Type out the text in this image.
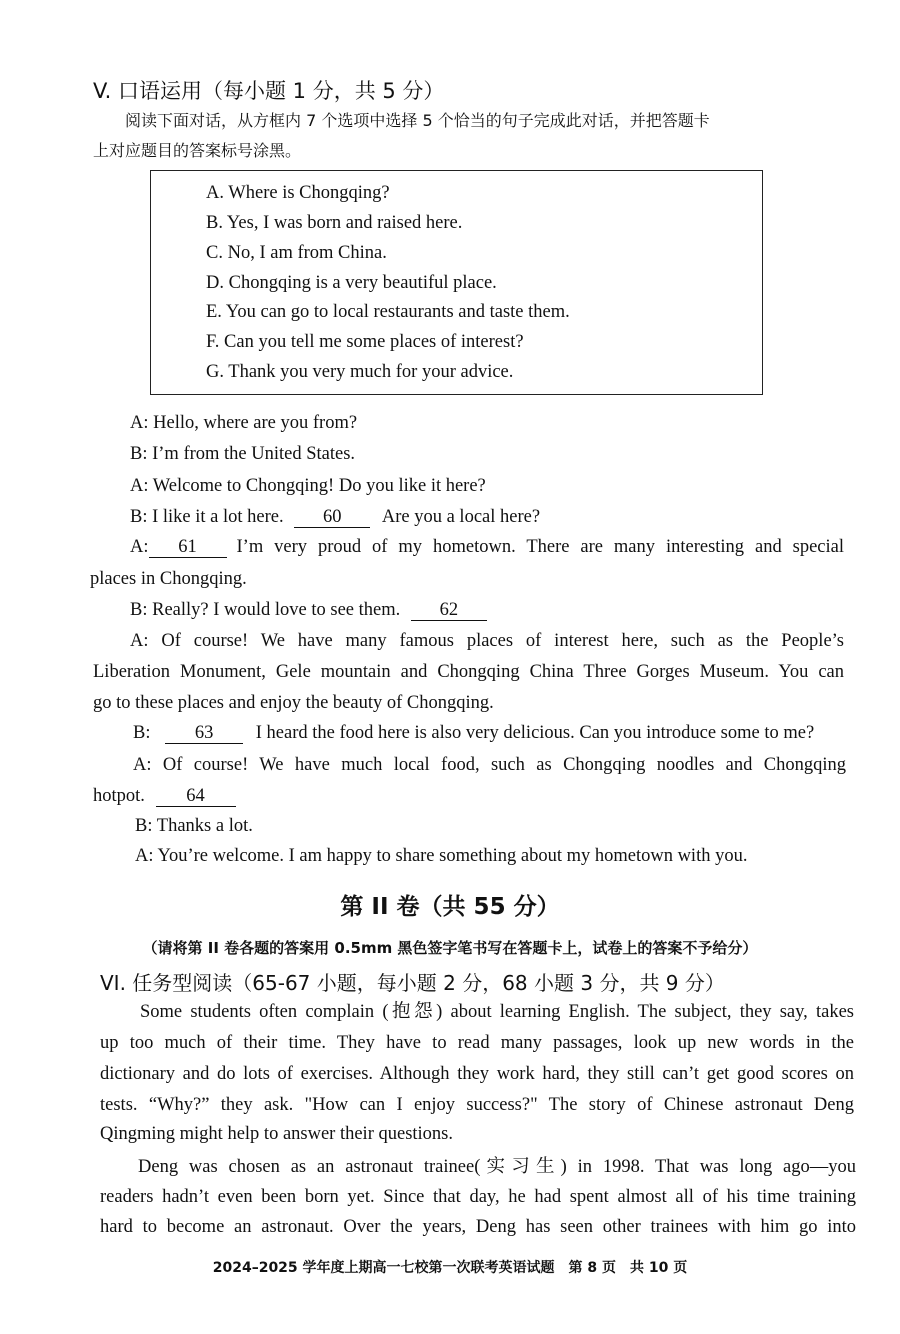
V. 口语运用（每小题 1 分，共 5 分）
阅读下面对话，从方框内 7 个选项中选择 5 个恰当的句子完成此对话，并把答题卡
上对应题目的答案标号涂黑。
A. Where is Chongqing?
B. Yes, I was born and raised here.
C. No, I am from China.
D. Chongqing is a very beautiful place.
E. You can go to local restaurants and taste them.
F. Can you tell me some places of interest?
G. Thank you very much for your advice.
A: Hello, where are you from?
B: I’m from the United States.
A: Welcome to Chongqing! Do you like it here?
B: I like it a lot here. 60 Are you a local here?
A:	61	I’m very proud of my hometown. There are many interesting and special
places in Chongqing.
B: Really? I would love to see them. 62
A: Of course! We have many famous places of interest here, such as the People’s
Liberation Monument, Gele mountain and Chongqing China Three Gorges Museum. You can
go to these places and enjoy the beauty of Chongqing.
B: 63 I heard the food here is also very delicious. Can you introduce some to me?
A: Of course! We have much local food, such as Chongqing noodles and Chongqing
hotpot. 64
B: Thanks a lot.
A: You’re welcome. I am happy to share something about my hometown with you.
第 II 卷（共 55 分）
（请将第 II 卷各题的答案用 0.5mm 黑色签字笔书写在答题卡上，试卷上的答案不予给分）
VI. 任务型阅读（65-67 小题，每小题 2 分，68 小题 3 分，共 9 分）
Some students often complain (抱怨) about learning English. The subject, they say, takes
up too much of their time. They have to read many passages, look up new words in the
dictionary and do lots of exercises. Although they work hard, they still can’t get good scores on
tests. “Why?” they ask. "How can I enjoy success?" The story of Chinese astronaut Deng
Qingming might help to answer their questions.
Deng was chosen as an astronaut trainee(实习生) in 1998. That was long ago—you
readers hadn’t even been born yet. Since that day, he had spent almost all of his time training
hard to become an astronaut. Over the years, Deng has seen other trainees with him go into
2024–2025 学年度上期高一七校第一次联考英语试题　第 8 页　共 10 页
